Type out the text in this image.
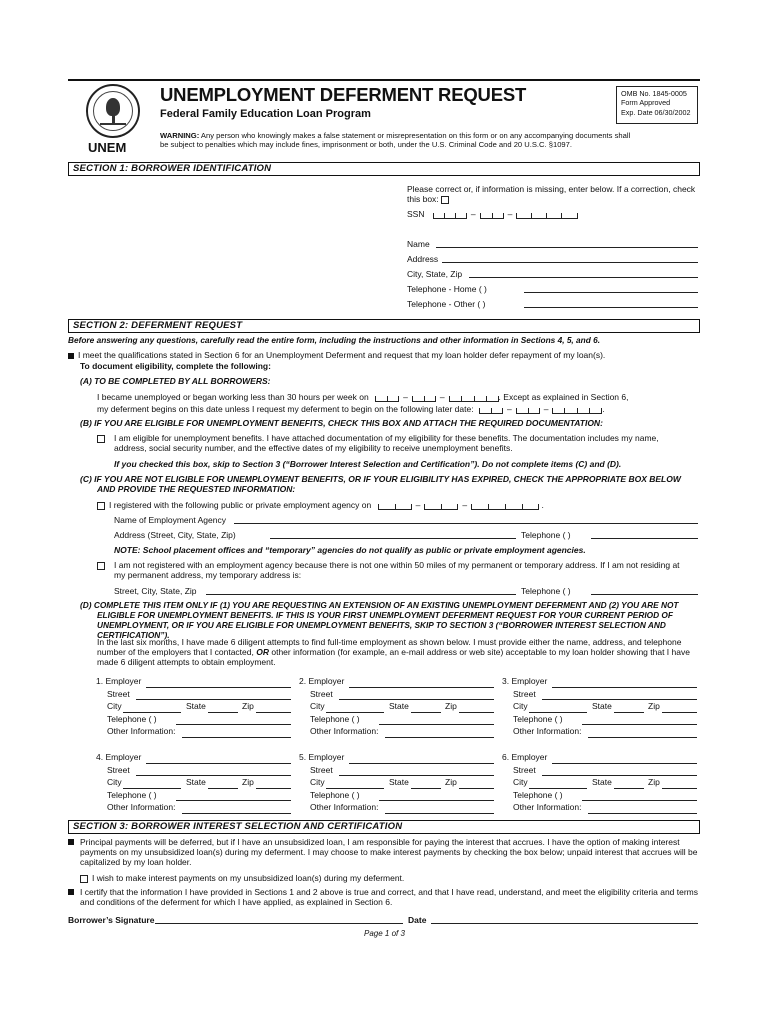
UNEM
UNEMPLOYMENT DEFERMENT REQUEST
Federal Family Education Loan Program
WARNING: Any person who knowingly makes a false statement or misrepresentation on this form or on any accompanying documents shall be subject to penalties which may include fines, imprisonment or both, under the U.S. Criminal Code and 20 U.S.C. §1097.
OMB No. 1845-0005
Form Approved
Exp. Date 06/30/2002
SECTION 1: BORROWER IDENTIFICATION
Please correct or, if information is missing, enter below. If a correction, check this box:
SSN	–	–
Name
Address
City, State, Zip
Telephone - Home ( )
Telephone - Other ( )
SECTION 2: DEFERMENT REQUEST
Before answering any questions, carefully read the entire form, including the instructions and other information in Sections 4, 5, and 6.
I meet the qualifications stated in Section 6 for an Unemployment Deferment and request that my loan holder defer repayment of my loan(s).
To document eligibility, complete the following:
(A) TO BE COMPLETED BY ALL BORROWERS:
I became unemployed or began working less than 30 hours per week on	–	–	. Except as explained in Section 6,
my deferment begins on this date unless I request my deferment to begin on the following later date:	–	–	.
(B) IF YOU ARE ELIGIBLE FOR UNEMPLOYMENT BENEFITS, CHECK THIS BOX AND ATTACH THE REQUIRED DOCUMENTATION:
I am eligible for unemployment benefits. I have attached documentation of my eligibility for these benefits. The documentation includes my name, address, social security number, and the effective dates of my eligibility to receive unemployment benefits.
If you checked this box, skip to Section 3 (“Borrower Interest Selection and Certification”). Do not complete items (C) and (D).
(C) IF YOU ARE NOT ELIGIBLE FOR UNEMPLOYMENT BENEFITS, OR IF YOUR ELIGIBILITY HAS EXPIRED, CHECK THE APPROPRIATE BOX BELOW AND PROVIDE THE REQUESTED INFORMATION:
I registered with the following public or private employment agency on	–	–	.
Name of Employment Agency
Address (Street, City, State, Zip)	Telephone ( )
NOTE: School placement offices and “temporary” agencies do not qualify as public or private employment agencies.
I am not registered with an employment agency because there is not one within 50 miles of my permanent or temporary address. If I am not residing at my permanent address, my temporary address is:
Street, City, State, Zip	Telephone ( )
(D) COMPLETE THIS ITEM ONLY IF (1) YOU ARE REQUESTING AN EXTENSION OF AN EXISTING UNEMPLOYMENT DEFERMENT AND (2) YOU ARE NOT ELIGIBLE FOR UNEMPLOYMENT BENEFITS. IF THIS IS YOUR FIRST UNEMPLOYMENT DEFERMENT REQUEST FOR YOUR CURRENT PERIOD OF UNEMPLOYMENT, OR IF YOU ARE ELIGIBLE FOR UNEMPLOYMENT BENEFITS, SKIP TO SECTION 3 (“BORROWER INTEREST SELECTION AND CERTIFICATION”).
In the last six months, I have made 6 diligent attempts to find full-time employment as shown below. I must provide either the name, address, and telephone number of the employers that I contacted, OR other information (for example, an e-mail address or web site) acceptable to my loan holder showing that I have made 6 diligent attempts to obtain employment.
1. Employer
Street
City	State	Zip
Telephone ( )
Other Information:
2. Employer
Street
City	State	Zip
Telephone ( )
Other Information:
3. Employer
Street
City	State	Zip
Telephone ( )
Other Information:
4. Employer
Street
City	State	Zip
Telephone ( )
Other Information:
5. Employer
Street
City	State	Zip
Telephone ( )
Other Information:
6. Employer
Street
City	State	Zip
Telephone ( )
Other Information:
SECTION 3: BORROWER INTEREST SELECTION AND CERTIFICATION
Principal payments will be deferred, but if I have an unsubsidized loan, I am responsible for paying the interest that accrues. I have the option of making interest payments on my unsubsidized loan(s) during my deferment. I may choose to make interest payments by checking the box below; unpaid interest that accrues will be capitalized by my loan holder.
I wish to make interest payments on my unsubsidized loan(s) during my deferment.
I certify that the information I have provided in Sections 1 and 2 above is true and correct, and that I have read, understand, and meet the eligibility criteria and terms and conditions of the deferment for which I have applied, as explained in Section 6.
Borrower’s Signature	Date
Page 1 of 3
